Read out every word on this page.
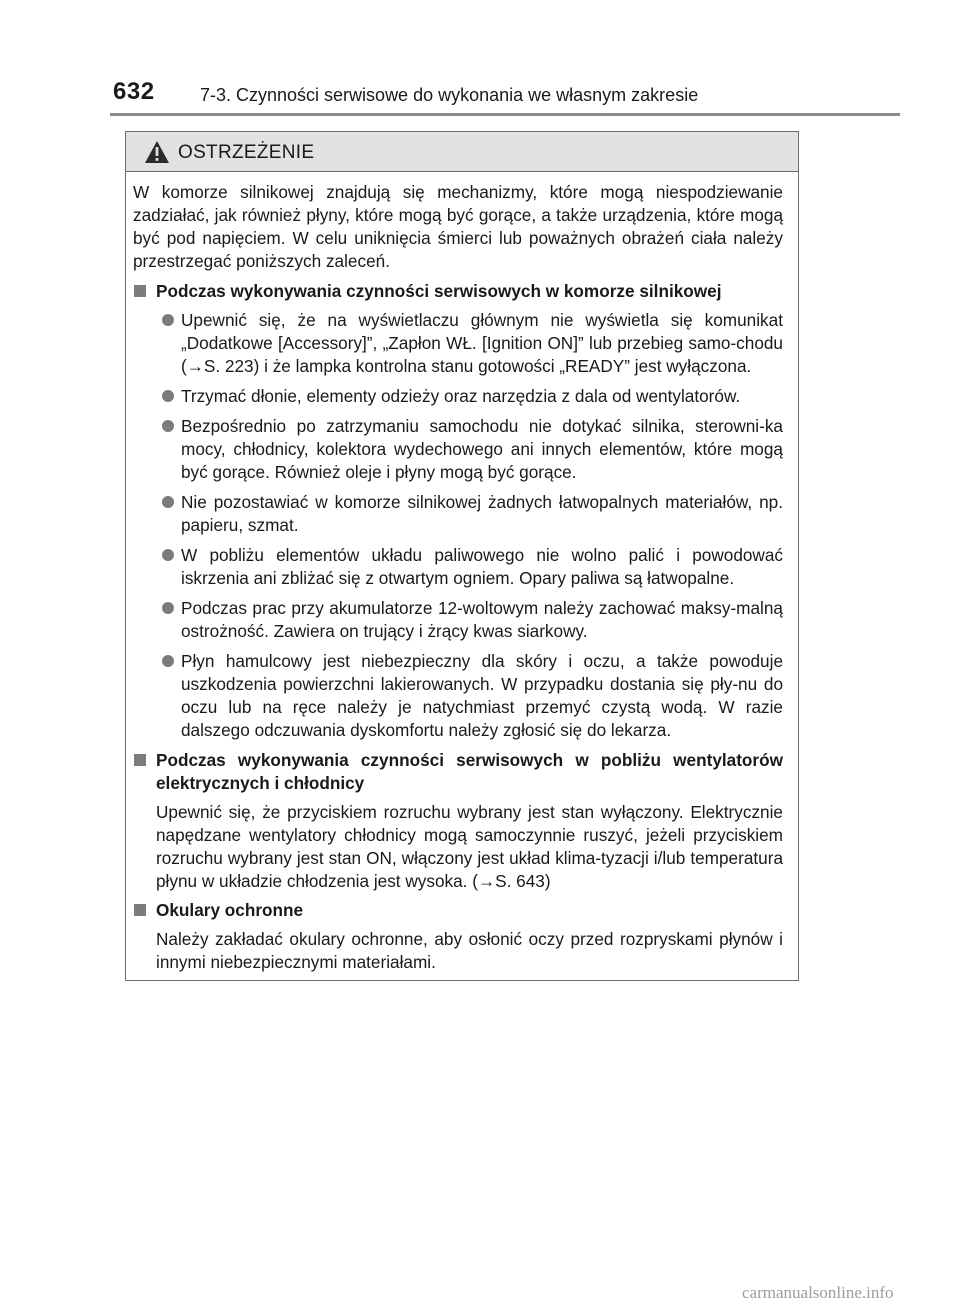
632	7-3. Czynności serwisowe do wykonania we własnym zakresie
OSTRZEŻENIE

W komorze silnikowej znajdują się mechanizmy, które mogą niespodziewanie zadziałać, jak również płyny, które mogą być gorące, a także urządzenia, które mogą być pod napięciem. W celu uniknięcia śmierci lub poważnych obrażeń ciała należy przestrzegać poniższych zaleceń.

Podczas wykonywania czynności serwisowych w komorze silnikowej
Upewnić się, że na wyświetlaczu głównym nie wyświetla się komunikat „Dodatkowe [Accessory]”, „Zapłon WŁ. [Ignition ON]” lub przebieg samo-chodu (→S. 223) i że lampka kontrolna stanu gotowości „READY” jest wyłączona.
Trzymać dłonie, elementy odzieży oraz narzędzia z dala od wentylatorów.
Bezpośrednio po zatrzymaniu samochodu nie dotykać silnika, sterowni-ka mocy, chłodnicy, kolektora wydechowego ani innych elementów, które mogą być gorące. Również oleje i płyny mogą być gorące.
Nie pozostawiać w komorze silnikowej żadnych łatwopalnych materiałów, np. papieru, szmat.
W pobliżu elementów układu paliwowego nie wolno palić i powodować iskrzenia ani zbliżać się z otwartym ogniem. Opary paliwa są łatwopalne.
Podczas prac przy akumulatorze 12-woltowym należy zachować maksy-malną ostrożność. Zawiera on trujący i żrący kwas siarkowy.
Płyn hamulcowy jest niebezpieczny dla skóry i oczu, a także powoduje uszkodzenia powierzchni lakierowanych. W przypadku dostania się pły-nu do oczu lub na ręce należy je natychmiast przemyć czystą wodą. W razie dalszego odczuwania dyskomfortu należy zgłosić się do lekarza.
Podczas wykonywania czynności serwisowych w pobliżu wentylatorów elektrycznych i chłodnicy

Upewnić się, że przyciskiem rozruchu wybrany jest stan wyłączony. Elektrycznie napędzane wentylatory chłodnicy mogą samoczynnie ruszyć, jeżeli przyciskiem rozruchu wybrany jest stan ON, włączony jest układ klima-tyzacji i/lub temperatura płynu w układzie chłodzenia jest wysoka. (→S. 643)

Okulary ochronne

Należy zakładać okulary ochronne, aby osłonić oczy przed rozpryskami płynów i innymi niebezpiecznymi materiałami.

carmanualsonline.info
